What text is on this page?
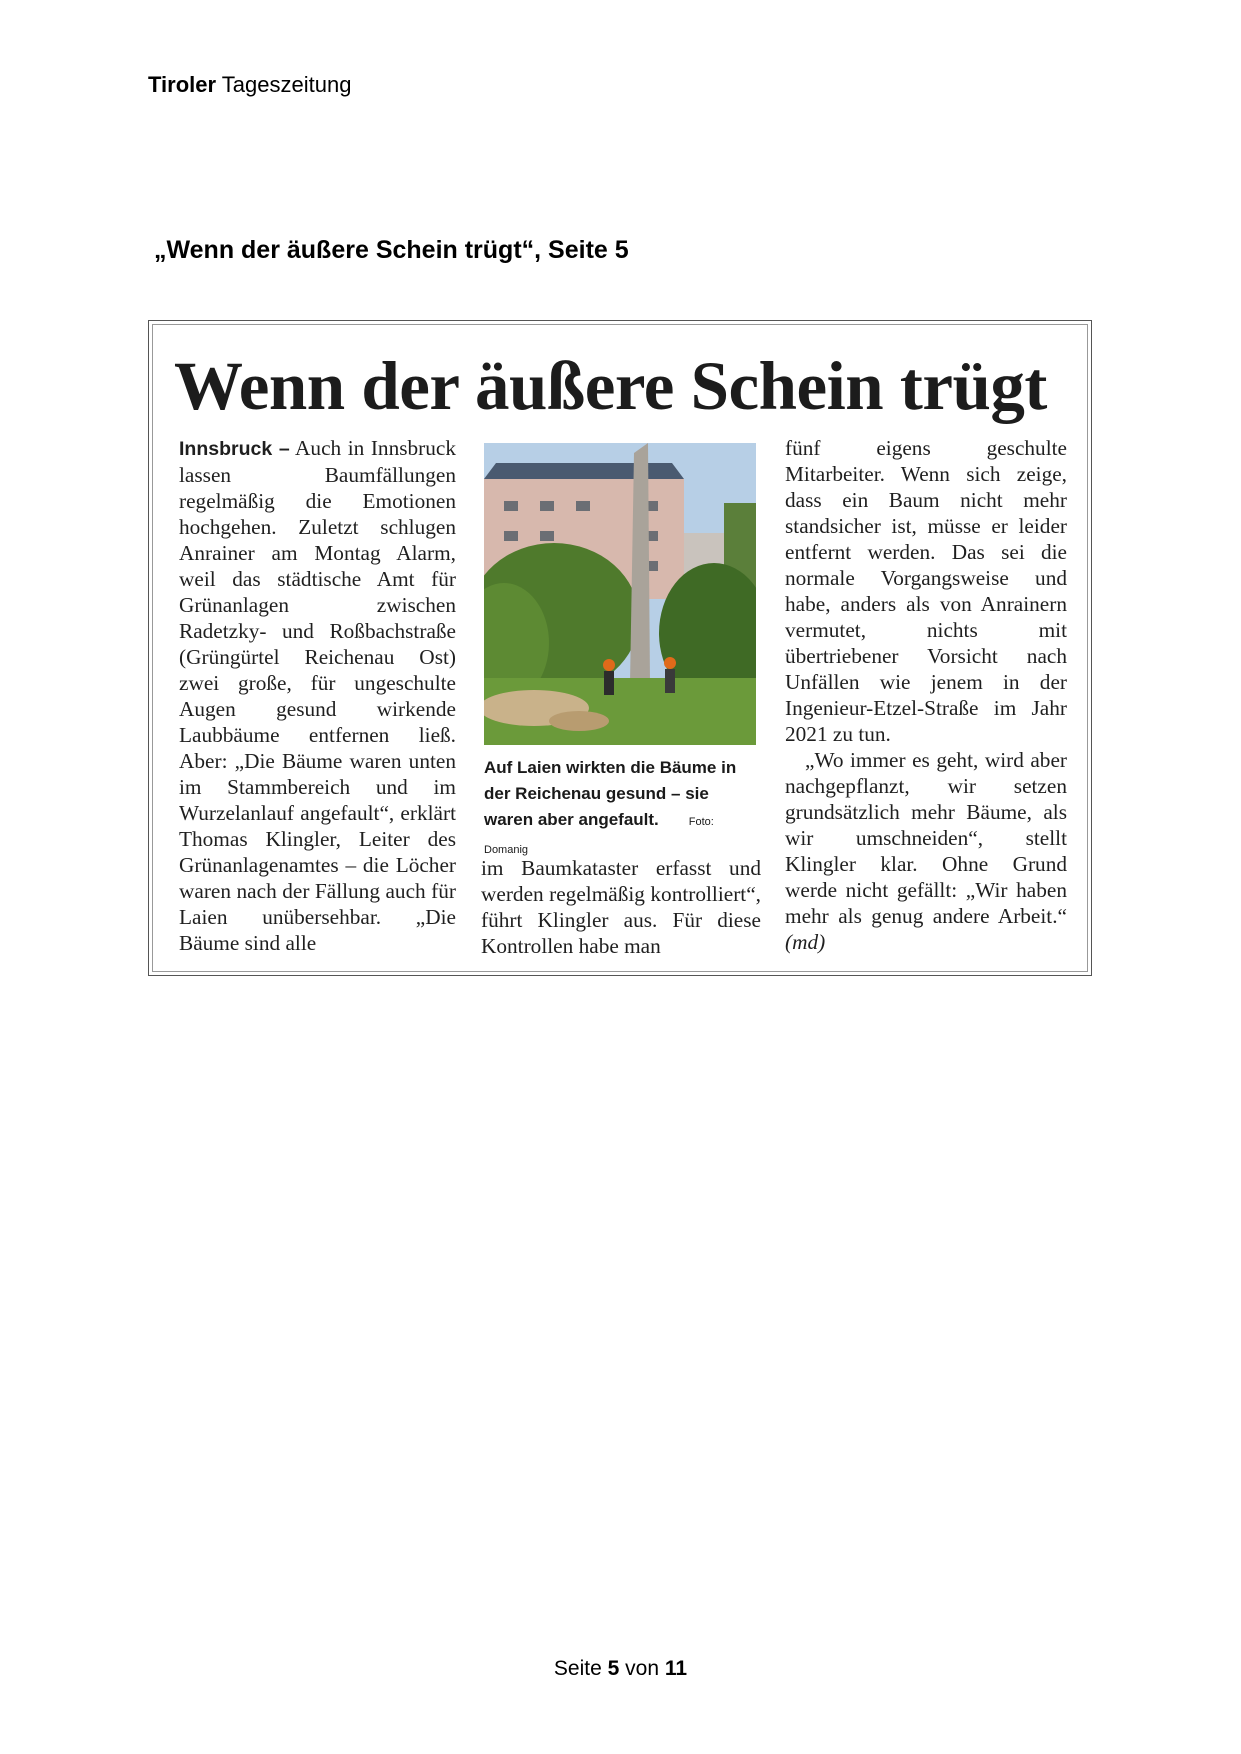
Tiroler Tageszeitung
„Wenn der äußere Schein trügt“, Seite 5
Wenn der äußere Schein trügt

Innsbruck – Auch in Innsbruck lassen Baumfällungen regelmäßig die Emotionen hochgehen. Zuletzt schlugen Anrainer am Montag Alarm, weil das städtische Amt für Grünanlagen zwischen Radetzky- und Roßbachstraße (Grüngürtel Reichenau Ost) zwei große, für ungeschulte Augen gesund wirkende Laubbäume entfernen ließ. Aber: „Die Bäume waren unten im Stammbereich und im Wurzelanlauf angefault“, erklärt Thomas Klingler, Leiter des Grünanlagenamtes – die Löcher waren nach der Fällung auch für Laien unübersehbar. „Die Bäume sind alle

Auf Laien wirkten die Bäume in der Reichenau gesund – sie waren aber angefault.	Foto: Domanig

im Baumkataster erfasst und werden regelmäßig kontrolliert“, führt Klingler aus. Für diese Kontrollen habe man

fünf eigens geschulte Mitarbeiter. Wenn sich zeige, dass ein Baum nicht mehr standsicher ist, müsse er leider entfernt werden. Das sei die normale Vorgangsweise und habe, anders als von Anrainern vermutet, nichts mit übertriebener Vorsicht nach Unfällen wie jenem in der Ingenieur-Etzel-Straße im Jahr 2021 zu tun.

„Wo immer es geht, wird aber nachgepflanzt, wir setzen grundsätzlich mehr Bäume, als wir umschneiden“, stellt Klingler klar. Ohne Grund werde nicht gefällt: „Wir haben mehr als genug andere Arbeit.“ (md)

Seite 5 von 11
